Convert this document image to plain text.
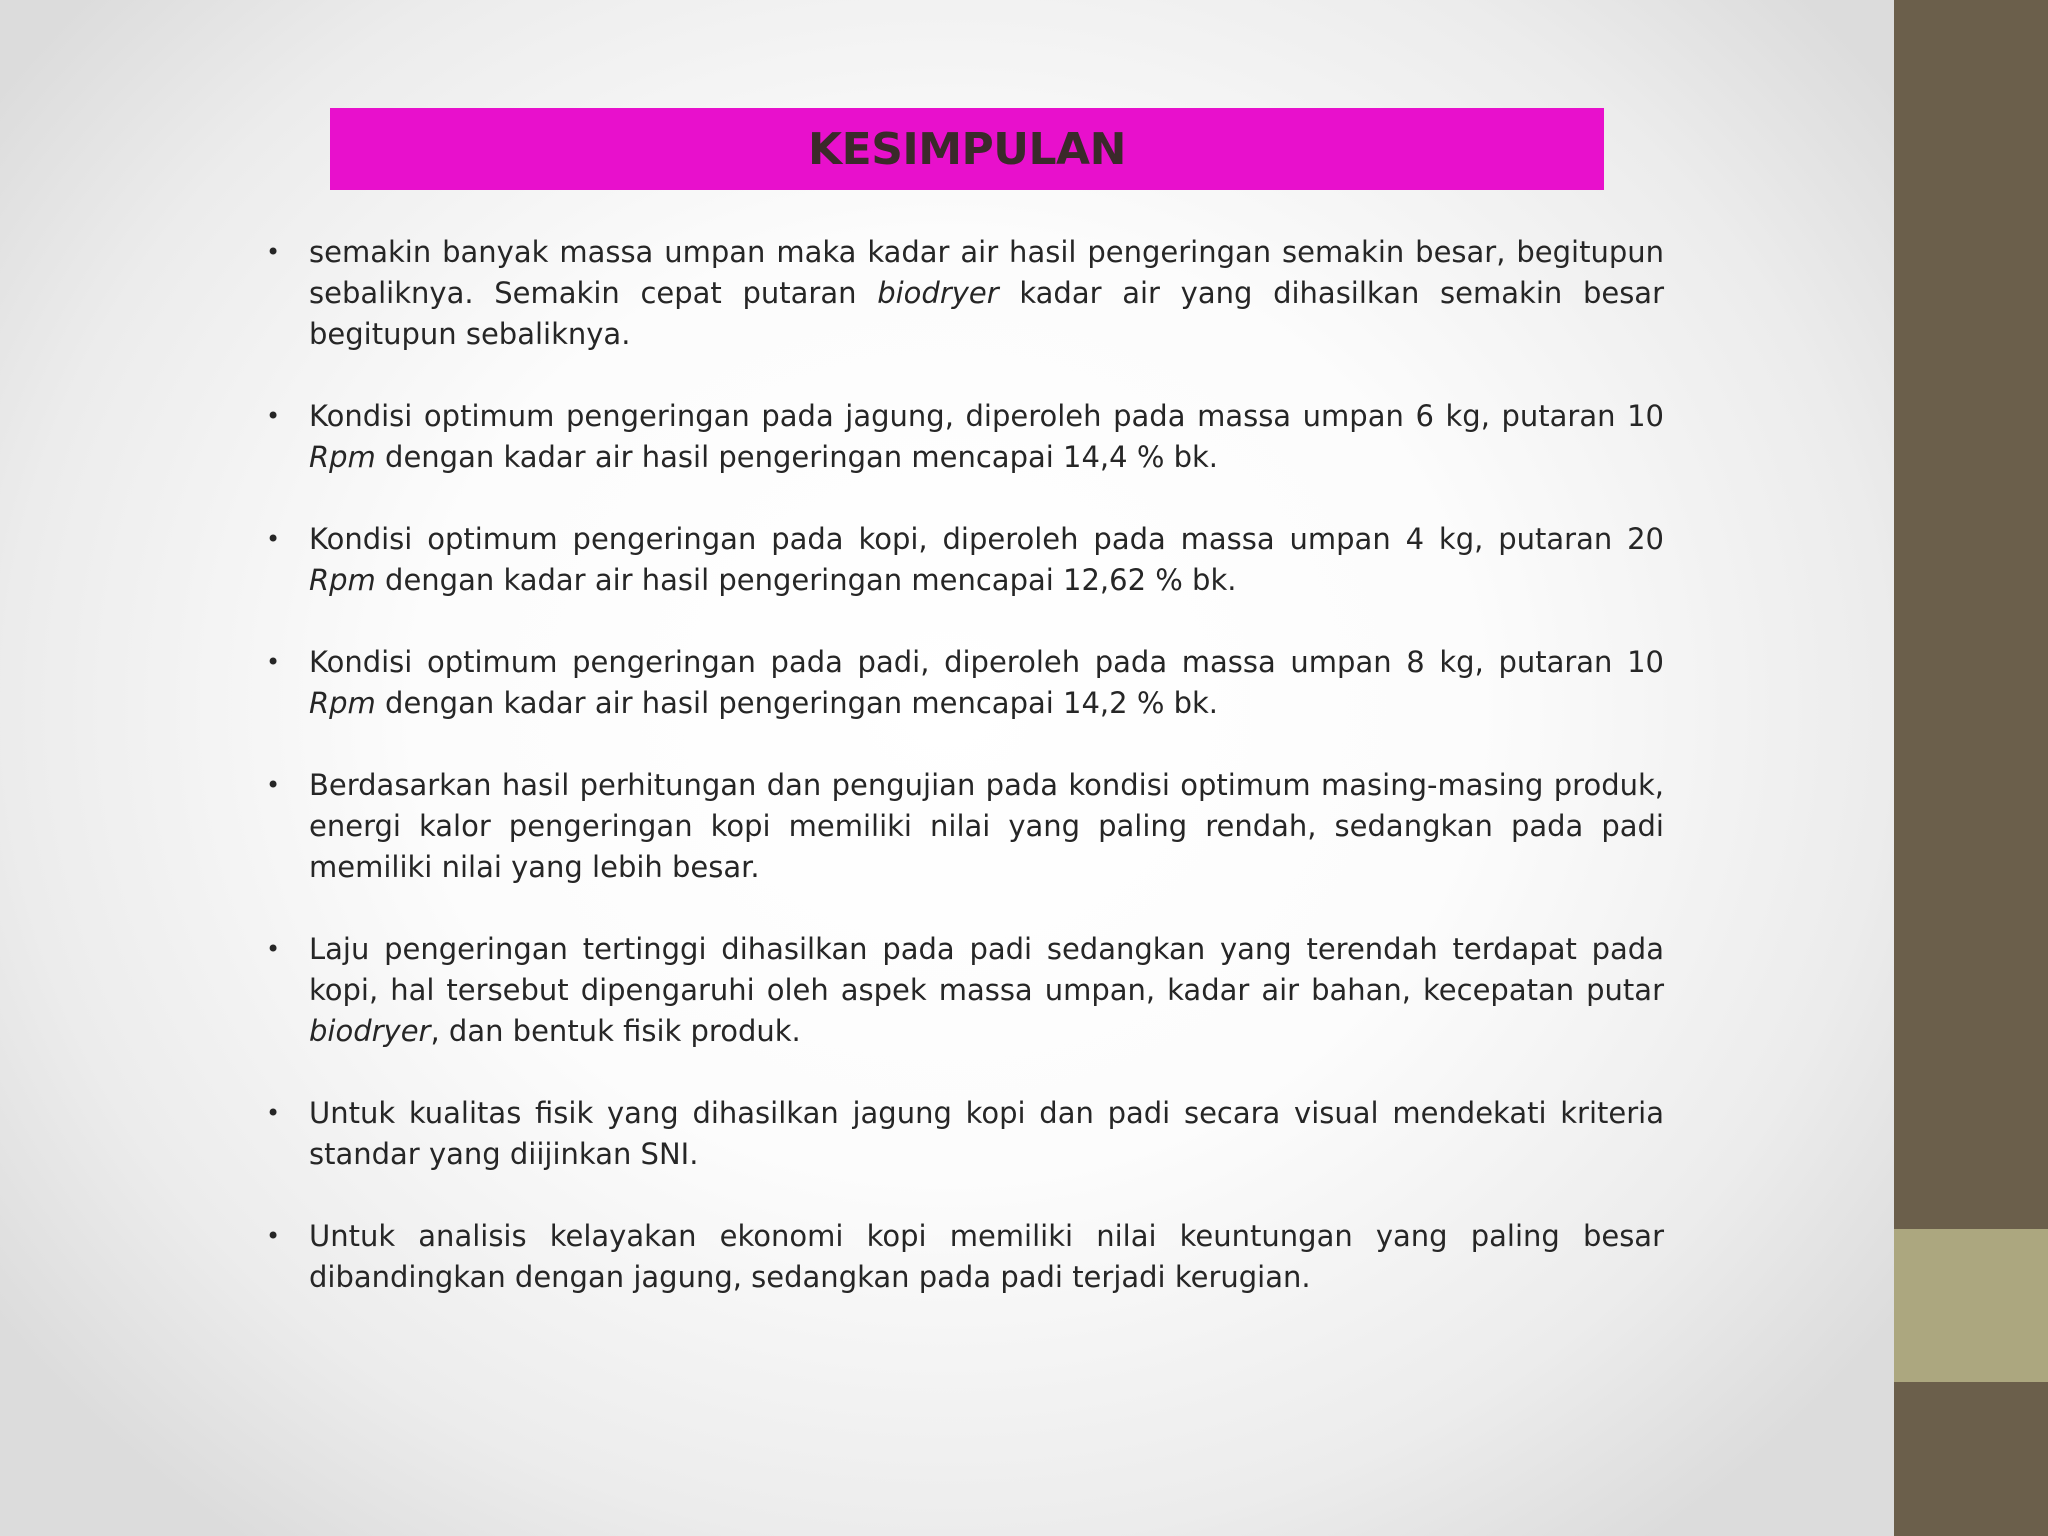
KESIMPULAN
• semakin banyak massa umpan maka kadar air hasil pengeringan semakin besar, begitupun sebaliknya. Semakin cepat putaran biodryer kadar air yang dihasilkan semakin besar begitupun sebaliknya.
• Kondisi optimum pengeringan pada jagung, diperoleh pada massa umpan 6 kg, putaran 10 Rpm dengan kadar air hasil pengeringan mencapai 14,4 % bk.
• Kondisi optimum pengeringan pada kopi, diperoleh pada massa umpan 4 kg, putaran 20 Rpm dengan kadar air hasil pengeringan mencapai 12,62 % bk.
• Kondisi optimum pengeringan pada padi, diperoleh pada massa umpan 8 kg, putaran 10 Rpm dengan kadar air hasil pengeringan mencapai 14,2 % bk.
• Berdasarkan hasil perhitungan dan pengujian pada kondisi optimum masing-masing produk, energi kalor pengeringan kopi memiliki nilai yang paling rendah, sedangkan pada padi memiliki nilai yang lebih besar.
• Laju pengeringan tertinggi dihasilkan pada padi sedangkan yang terendah terdapat pada kopi, hal tersebut dipengaruhi oleh aspek massa umpan, kadar air bahan, kecepatan putar biodryer, dan bentuk fisik produk.
• Untuk kualitas fisik yang dihasilkan jagung kopi dan padi secara visual mendekati kriteria standar yang diijinkan SNI.
• Untuk analisis kelayakan ekonomi kopi memiliki nilai keuntungan yang paling besar dibandingkan dengan jagung, sedangkan pada padi terjadi kerugian.
